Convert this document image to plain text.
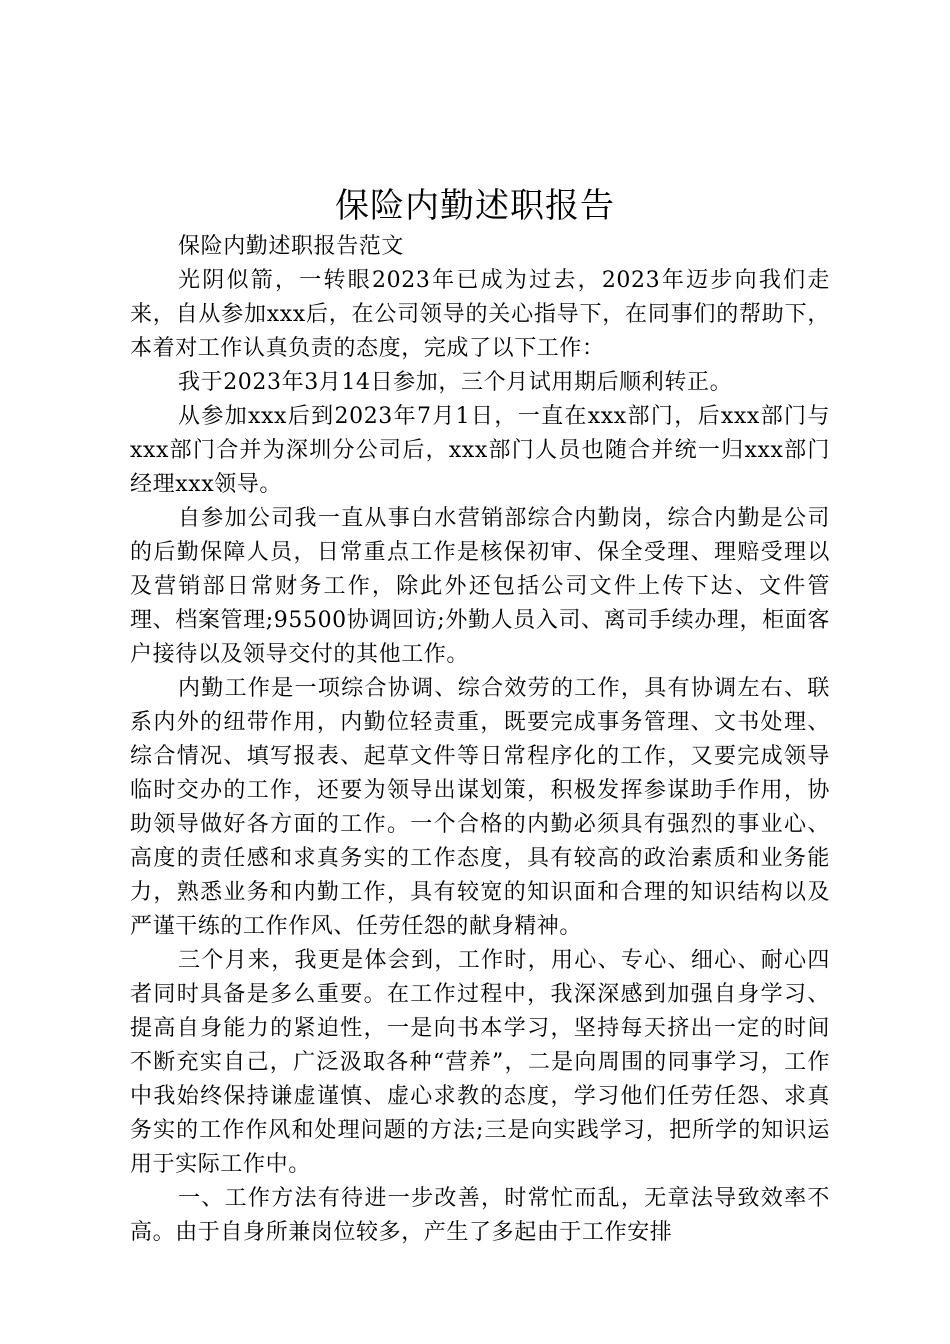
保险内勤述职报告

保险内勤述职报告范文

光阴似箭，一转眼2023年已成为过去，2023年迈步向我们走来，自从参加xxx后，在公司领导的关心指导下，在同事们的帮助下，本着对工作认真负责的态度，完成了以下工作：

我于2023年3月14日参加，三个月试用期后顺利转正。

从参加xxx后到2023年7月1日，一直在xxx部门，后xxx部门与xxx部门合并为深圳分公司后，xxx部门人员也随合并统一归xxx部门经理xxx领导。

自参加公司我一直从事白水营销部综合内勤岗，综合内勤是公司的后勤保障人员，日常重点工作是核保初审、保全受理、理赔受理以及营销部日常财务工作，除此外还包括公司文件上传下达、文件管理、档案管理;95500协调回访;外勤人员入司、离司手续办理，柜面客户接待以及领导交付的其他工作。

内勤工作是一项综合协调、综合效劳的工作，具有协调左右、联系内外的纽带作用，内勤位轻责重，既要完成事务管理、文书处理、综合情况、填写报表、起草文件等日常程序化的工作，又要完成领导临时交办的工作，还要为领导出谋划策，积极发挥参谋助手作用，协助领导做好各方面的工作。一个合格的内勤必须具有强烈的事业心、高度的责任感和求真务实的工作态度，具有较高的政治素质和业务能力，熟悉业务和内勤工作，具有较宽的知识面和合理的知识结构以及严谨干练的工作作风、任劳任怨的献身精神。

三个月来，我更是体会到，工作时，用心、专心、细心、耐心四者同时具备是多么重要。在工作过程中，我深深感到加强自身学习、提高自身能力的紧迫性，一是向书本学习，坚持每天挤出一定的时间不断充实自己，广泛汲取各种“营养”，二是向周围的同事学习，工作中我始终保持谦虚谨慎、虚心求教的态度，学习他们任劳任怨、求真务实的工作作风和处理问题的方法;三是向实践学习，把所学的知识运用于实际工作中。

一、工作方法有待进一步改善，时常忙而乱，无章法导致效率不高。由于自身所兼岗位较多，产生了多起由于工作安排
